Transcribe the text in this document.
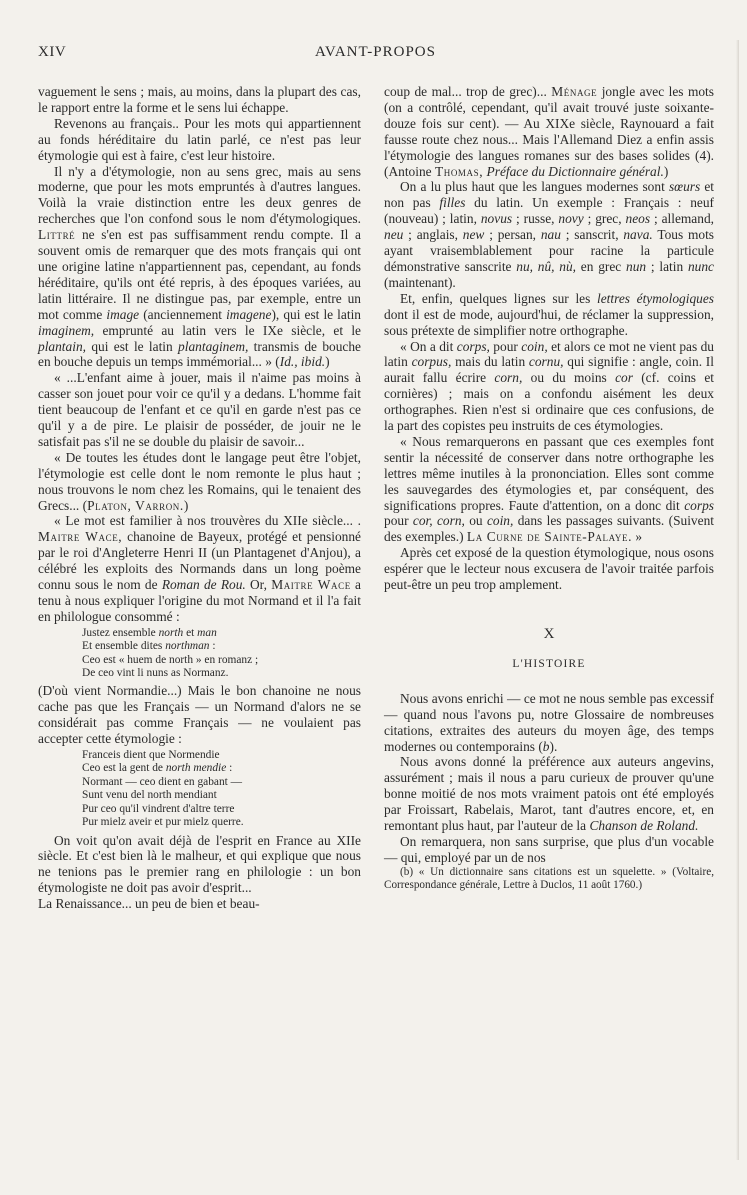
XIV	AVANT-PROPOS

vaguement le sens ; mais, au moins, dans la plupart des cas, le rapport entre la forme et le sens lui échappe.

Revenons au français.. Pour les mots qui appartiennent au fonds héréditaire du latin parlé, ce n'est pas leur étymologie qui est à faire, c'est leur histoire.

Il n'y a d'étymologie, non au sens grec, mais au sens moderne, que pour les mots empruntés à d'autres langues. Voilà la vraie distinction entre les deux genres de recherches que l'on confond sous le nom d'étymologiques. Littré ne s'en est pas suffisamment rendu compte. Il a souvent omis de remarquer que des mots français qui ont une origine latine n'appartiennent pas, cependant, au fonds héréditaire, qu'ils ont été repris, à des époques variées, au latin littéraire. Il ne distingue pas, par exemple, entre un mot comme image (anciennement imagene), qui est le latin imaginem, emprunté au latin vers le IXe siècle, et le plantain, qui est le latin plantaginem, transmis de bouche en bouche depuis un temps immémorial... » (Id., ibid.)

« ...L'enfant aime à jouer, mais il n'aime pas moins à casser son jouet pour voir ce qu'il y a dedans. L'homme fait tient beaucoup de l'enfant et ce qu'il en garde n'est pas ce qu'il y a de pire. Le plaisir de posséder, de jouir ne le satisfait pas s'il ne se double du plaisir de savoir...

« De toutes les études dont le langage peut être l'objet, l'étymologie est celle dont le nom remonte le plus haut ; nous trouvons le nom chez les Romains, qui le tenaient des Grecs... (Platon, Varron.)

« Le mot est familier à nos trouvères du XIIe siècle... . Maitre Wace, chanoine de Bayeux, protégé et pensionné par le roi d'Angleterre Henri II (un Plantagenet d'Anjou), a célébré les exploits des Normands dans un long poème connu sous le nom de Roman de Rou. Or, Maitre Wace a tenu à nous expliquer l'origine du mot Normand et il l'a fait en philologue consommé :

Justez ensemble north et man
Et ensemble dites northman :
Ceo est « huem de north » en romanz ;
De ceo vint li nuns as Normanz.

(D'où vient Normandie...) Mais le bon chanoine ne nous cache pas que les Français — un Normand d'alors ne se considérait pas comme Français — ne voulaient pas accepter cette étymologie :

Franceis dient que Normendie
Ceo est la gent de north mendie :
Normant — ceo dient en gabant —
Sunt venu del north mendiant
Pur ceo qu'il vindrent d'altre terre
Pur mielz aveir et pur mielz querre.

On voit qu'on avait déjà de l'esprit en France au XIIe siècle. Et c'est bien là le malheur, et qui explique que nous ne tenions pas le premier rang en philologie : un bon étymologiste ne doit pas avoir d'esprit...

La Renaissance... un peu de bien et beau-

coup de mal... trop de grec)... Ménage jongle avec les mots (on a contrôlé, cependant, qu'il avait trouvé juste soixante-douze fois sur cent). — Au XIXe siècle, Raynouard a fait fausse route chez nous... Mais l'Allemand Diez a enfin assis l'étymologie des langues romanes sur des bases solides (4). (Antoine Thomas, Préface du Dictionnaire général.)

On a lu plus haut que les langues modernes sont sœurs et non pas filles du latin. Un exemple : Français : neuf (nouveau) ; latin, novus ; russe, novy ; grec, neos ; allemand, neu ; anglais, new ; persan, nau ; sanscrit, nava. Tous mots ayant vraisemblablement pour racine la particule démonstrative sanscrite nu, nû, nù, en grec nun ; latin nunc (maintenant).

Et, enfin, quelques lignes sur les lettres étymologiques dont il est de mode, aujourd'hui, de réclamer la suppression, sous prétexte de simplifier notre orthographe.

« On a dit corps, pour coin, et alors ce mot ne vient pas du latin corpus, mais du latin cornu, qui signifie : angle, coin. Il aurait fallu écrire corn, ou du moins cor (cf. coins et cornières) ; mais on a confondu aisément les deux orthographes. Rien n'est si ordinaire que ces confusions, de la part des copistes peu instruits de ces étymologies.

« Nous remarquerons en passant que ces exemples font sentir la nécessité de conserver dans notre orthographe les lettres même inutiles à la prononciation. Elles sont comme les sauvegardes des étymologies et, par conséquent, des significations propres. Faute d'attention, on a donc dit corps pour cor, corn, ou coin, dans les passages suivants. (Suivent des exemples.) La Curne de Sainte-Palaye. »

Après cet exposé de la question étymologique, nous osons espérer que le lecteur nous excusera de l'avoir traitée parfois peut-être un peu trop amplement.

X
L'HISTOIRE

Nous avons enrichi — ce mot ne nous semble pas excessif — quand nous l'avons pu, notre Glossaire de nombreuses citations, extraites des auteurs du moyen âge, des temps modernes ou contemporains (b).

Nous avons donné la préférence aux auteurs angevins, assurément ; mais il nous a paru curieux de prouver qu'une bonne moitié de nos mots vraiment patois ont été employés par Froissart, Rabelais, Marot, tant d'autres encore, et, en remontant plus haut, par l'auteur de la Chanson de Roland.

On remarquera, non sans surprise, que plus d'un vocable — qui, employé par un de nos

(b) « Un dictionnaire sans citations est un squelette. » (Voltaire, Correspondance générale, Lettre à Duclos, 11 août 1760.)
